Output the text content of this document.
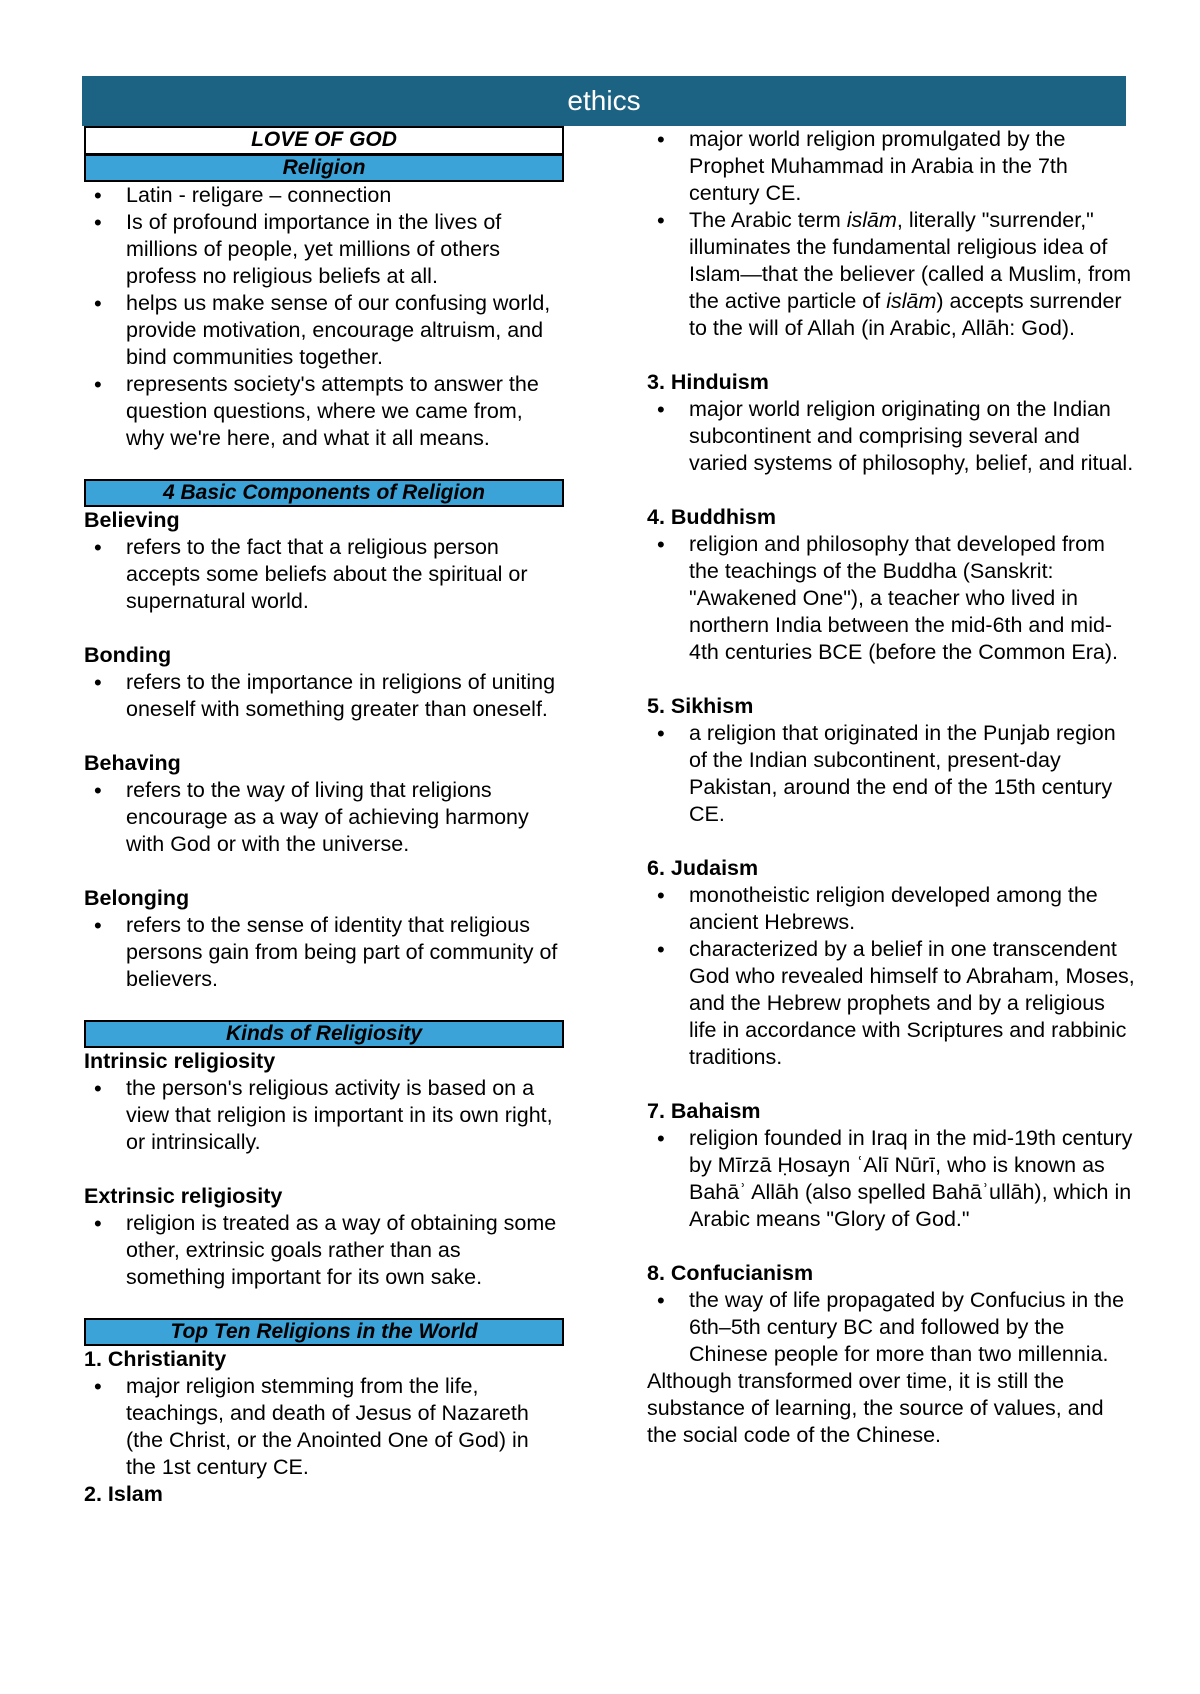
ethics
LOVE OF GOD
Religion
• Latin - religare – connection
• Is of profound importance in the lives of millions of people, yet millions of others profess no religious beliefs at all.
• helps us make sense of our confusing world, provide motivation, encourage altruism, and bind communities together.
• represents society's attempts to answer the question questions, where we came from, why we're here, and what it all means.
4 Basic Components of Religion
Believing
• refers to the fact that a religious person accepts some beliefs about the spiritual or supernatural world.
Bonding
• refers to the importance in religions of uniting oneself with something greater than oneself.
Behaving
• refers to the way of living that religions encourage as a way of achieving harmony with God or with the universe.
Belonging
• refers to the sense of identity that religious persons gain from being part of community of believers.
Kinds of Religiosity
Intrinsic religiosity
• the person's religious activity is based on a view that religion is important in its own right, or intrinsically.
Extrinsic religiosity
• religion is treated as a way of obtaining some other, extrinsic goals rather than as something important for its own sake.
Top Ten Religions in the World
1. Christianity
• major religion stemming from the life, teachings, and death of Jesus of Nazareth (the Christ, or the Anointed One of God) in the 1st century CE.
2. Islam
• major world religion promulgated by the Prophet Muhammad in Arabia in the 7th century CE.
• The Arabic term islām, literally "surrender," illuminates the fundamental religious idea of Islam—that the believer (called a Muslim, from the active particle of islām) accepts surrender to the will of Allah (in Arabic, Allāh: God).
3. Hinduism
• major world religion originating on the Indian subcontinent and comprising several and varied systems of philosophy, belief, and ritual.
4. Buddhism
• religion and philosophy that developed from the teachings of the Buddha (Sanskrit: "Awakened One"), a teacher who lived in northern India between the mid-6th and mid-4th centuries BCE (before the Common Era).
5. Sikhism
• a religion that originated in the Punjab region of the Indian subcontinent, present-day Pakistan, around the end of the 15th century CE.
6. Judaism
• monotheistic religion developed among the ancient Hebrews.
• characterized by a belief in one transcendent God who revealed himself to Abraham, Moses, and the Hebrew prophets and by a religious life in accordance with Scriptures and rabbinic traditions.
7. Bahaism
• religion founded in Iraq in the mid-19th century by Mīrzā Ḥosayn ʿAlī Nūrī, who is known as Bahāʾ Allāh (also spelled Bahāʾullāh), which in Arabic means "Glory of God."
8. Confucianism
• the way of life propagated by Confucius in the 6th–5th century BC and followed by the Chinese people for more than two millennia.
Although transformed over time, it is still the substance of learning, the source of values, and the social code of the Chinese.
